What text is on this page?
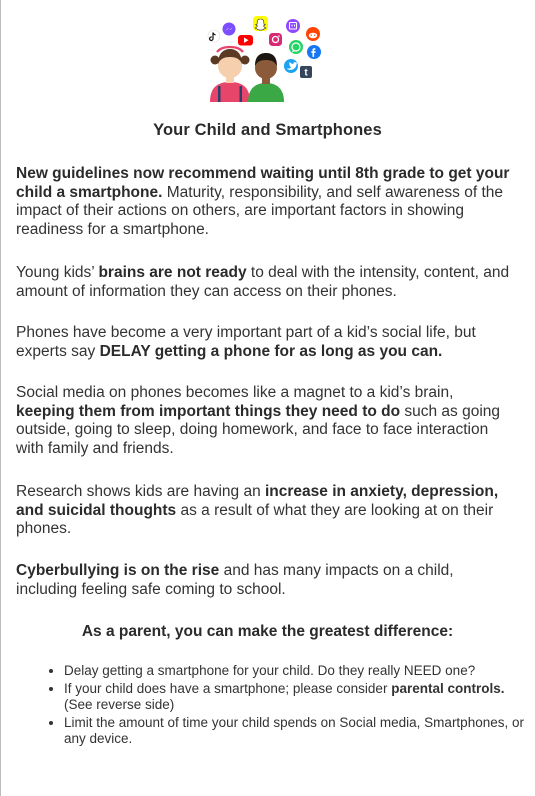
t
Your Child and Smartphones

New guidelines now recommend waiting until 8th grade to get your child a smartphone. Maturity, responsibility, and self awareness of the impact of their actions on others, are important factors in showing readiness for a smartphone.

Young kids’ brains are not ready to deal with the intensity, content, and amount of information they can access on their phones.

Phones have become a very important part of a kid’s social life, but experts say DELAY getting a phone for as long as you can.

Social media on phones becomes like a magnet to a kid’s brain, keeping them from important things they need to do such as going outside, going to sleep, doing homework, and face to face interaction with family and friends.

Research shows kids are having an increase in anxiety, depression, and suicidal thoughts as a result of what they are looking at on their phones.

Cyberbullying is on the rise and has many impacts on a child, including feeling safe coming to school.

As a parent, you can make the greatest difference:
• Delay getting a smartphone for your child. Do they really NEED one?
• If your child does have a smartphone; please consider parental controls. (See reverse side)
• Limit the amount of time your child spends on Social media, Smartphones, or any device.
